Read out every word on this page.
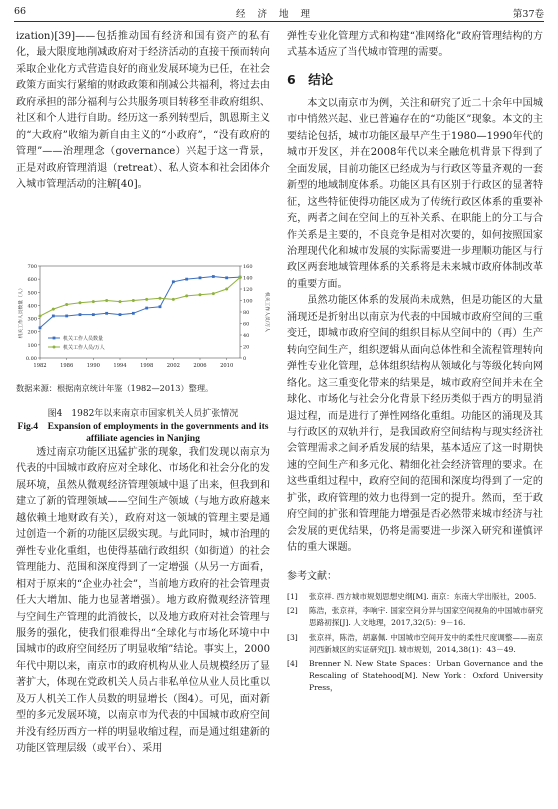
66	经济地理	第37卷

ization)[39]——包括推动国有经济和国有资产的私有化，最大限度地削减政府对于经济活动的直接干预而转向采取企业化方式营造良好的商业发展环境为已任，在社会政策方面实行紧缩的财政政策和削减公共福利，将过去由政府承担的部分福利与公共服务项目转移至非政府组织、社区和个人进行自助。经历这一系列转型后，凯恩斯主义的“大政府”收缩为新自由主义的“小政府”，“没有政府的管理”——治理理念（governance）兴起于这一背景，正是对政府管理消退（retreat）、私人资本和社会团体介入城市管理活动的注解[40]。

0.00
100
200
300
400
500
600
700
0
20
40
60
80
100
120
140
160
1982	1986	1990	1994	1998	2002	2006	2010
机关工作人员数量（人）	机关工作人员/万人
机关工作人员数量
机关工作人员/万人
数据来源：根据南京统计年鉴（1982—2013）整理。
图4　1982年以来南京市国家机关人员扩张情况
Fig.4　Expansion of employments in the governments and its affiliate agencies in Nanjing

透过南京功能区迅猛扩张的现象，我们发现以南京为代表的中国城市政府应对全球化、市场化和社会分化的发展环境，虽然从微观经济管理领域中退了出来，但我到和建立了新的管理领域——空间生产领域（与地方政府越来越依赖土地财政有关），政府对这一领域的管理主要是通过创造一个新的功能区层级实现。与此同时，城市治理的弹性专业化重组，也使得基础行政组织（如街道）的社会管理能力、范围和深度得到了一定增强（从另一方面看，相对于原来的“企业办社会”，当前地方政府的社会管理责任大大增加、能力也显著增强）。地方政府微观经济管理与空间生产管理的此消彼长，以及地方政府对社会管理与服务的强化，使我们很难得出“全球化与市场化环境中中国城市的政府空间经历了明显收缩”结论。事实上，2000年代中期以来，南京市的政府机构从业人员规模经历了显著扩大，体现在党政机关人员占非私单位从业人员比重以及万人机关工作人员数的明显增长（图4）。可见，面对新型的多元发展环境，以南京市为代表的中国城市政府空间并没有经历西方一样的明显收缩过程，而是通过组建新的功能区管理层级（或平台）、采用

弹性专业化管理方式和构建“准网络化”政府管理结构的方式基本适应了当代城市管理的需要。

6　结论

本文以南京市为例，关注和研究了近二十余年中国城市中悄然兴起、业已普遍存在的“功能区”现象。本文的主要结论包括，城市功能区最早产生于1980—1990年代的城市开发区，并在2008年代以来全融危机背景下得到了全面发展，目前功能区已经成为与行政区等量齐观的一套新型的地域制度体系。功能区具有区别于行政区的显著特征，这些特征使得功能区成为了传统行政区体系的重要补充，两者之间在空间上的互补关系、在职能上的分工与合作关系是主要的，不良竞争是相对次要的，如何按照国家治理现代化和城市发展的实际需要进一步理顺功能区与行政区两套地域管理体系的关系将是未来城市政府体制改革的重要方面。

虽然功能区体系的发展尚未成熟，但是功能区的大量涌现还是折射出以南京为代表的中国城市政府空间的三重变迁，即城市政府空间的组织目标从空间中的（再）生产转向空间生产，组织逻辑从面向总体性和全流程管理转向弹性专业化管理，总体组织结构从领域化与等级化转向网络化。这三重变化带来的结果是，城市政府空间并未在全球化、市场化与社会分化背景下经历类似于西方的明显消退过程，而是进行了弹性网络化重组。功能区的涌现及其与行政区的双轨并行，是我国政府空间结构与现实经济社会管理需求之间矛盾发展的结果，基本适应了这一时期快速的空间生产和多元化、精细化社会经济管理的要求。在这些重组过程中，政府空间的范围和深度均得到了一定的扩张，政府管理的效力也得到一定的提升。然而，至于政府空间的扩张和管理能力增强是否必然带来城市经济与社会发展的更优结果，仍将是需要进一步深入研究和谨慎评估的重大课题。

参考文献：
[1]	张京祥. 西方城市规划思想史纲[M]. 南京：东南大学出版社，2005.
[2]	陈浩，张京祥，李响宇. 国家空间分异与国家空间视角的中国城市研究思路初探[J]. 人文地理，2017,32(5)：9－16.
[3]	张京祥，陈浩，胡嘉佩. 中国城市空间开发中的柔性尺度调整——南京河西新城区的实证研究[J]. 城市规划，2014,38(1)：43－49.
[4]	Brenner N. New State Spaces：Urban Governance and the Rescaling of Statehood[M]. New York：Oxford University Press，
